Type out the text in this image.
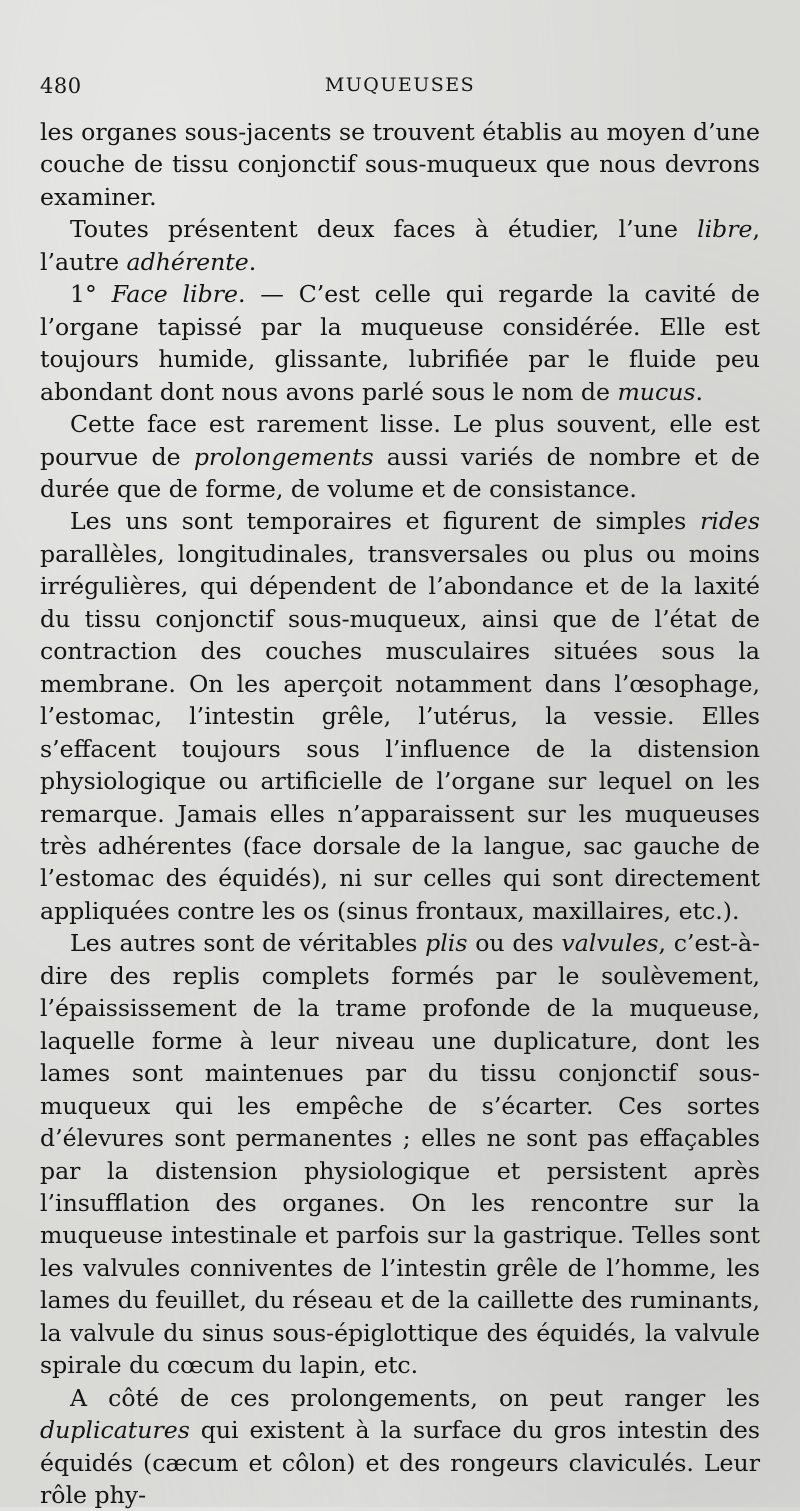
480	MUQUEUSES

les organes sous-jacents se trouvent établis au moyen d’une couche de tissu conjonctif sous-muqueux que nous devrons examiner.

Toutes présentent deux faces à étudier, l’une libre, l’autre adhérente.

1° Face libre. — C’est celle qui regarde la cavité de l’organe tapissé par la muqueuse considérée. Elle est toujours humide, glissante, lubrifiée par le fluide peu abondant dont nous avons parlé sous le nom de mucus.

Cette face est rarement lisse. Le plus souvent, elle est pourvue de prolongements aussi variés de nombre et de durée que de forme, de volume et de consistance.

Les uns sont temporaires et figurent de simples rides parallèles, longitudinales, transversales ou plus ou moins irrégulières, qui dépendent de l’abondance et de la laxité du tissu conjonctif sous-muqueux, ainsi que de l’état de contraction des couches musculaires situées sous la membrane. On les aperçoit notamment dans l’œsophage, l’estomac, l’intestin grêle, l’utérus, la vessie. Elles s’effacent toujours sous l’influence de la distension physiologique ou artificielle de l’organe sur lequel on les remarque. Jamais elles n’apparaissent sur les muqueuses très adhérentes (face dorsale de la langue, sac gauche de l’estomac des équidés), ni sur celles qui sont directement appliquées contre les os (sinus frontaux, maxillaires, etc.).

Les autres sont de véritables plis ou des valvules, c’est-à-dire des replis complets formés par le soulèvement, l’épaississement de la trame profonde de la muqueuse, laquelle forme à leur niveau une duplicature, dont les lames sont maintenues par du tissu conjonctif sous-muqueux qui les empêche de s’écarter. Ces sortes d’élevures sont permanentes ; elles ne sont pas effaçables par la distension physiologique et persistent après l’insufflation des organes. On les rencontre sur la muqueuse intestinale et parfois sur la gastrique. Telles sont les valvules conniventes de l’intestin grêle de l’homme, les lames du feuillet, du réseau et de la caillette des ruminants, la valvule du sinus sous-épiglottique des équidés, la valvule spirale du cœcum du lapin, etc.

A côté de ces prolongements, on peut ranger les duplicatures qui existent à la surface du gros intestin des équidés (cæcum et côlon) et des rongeurs claviculés. Leur rôle phy-
